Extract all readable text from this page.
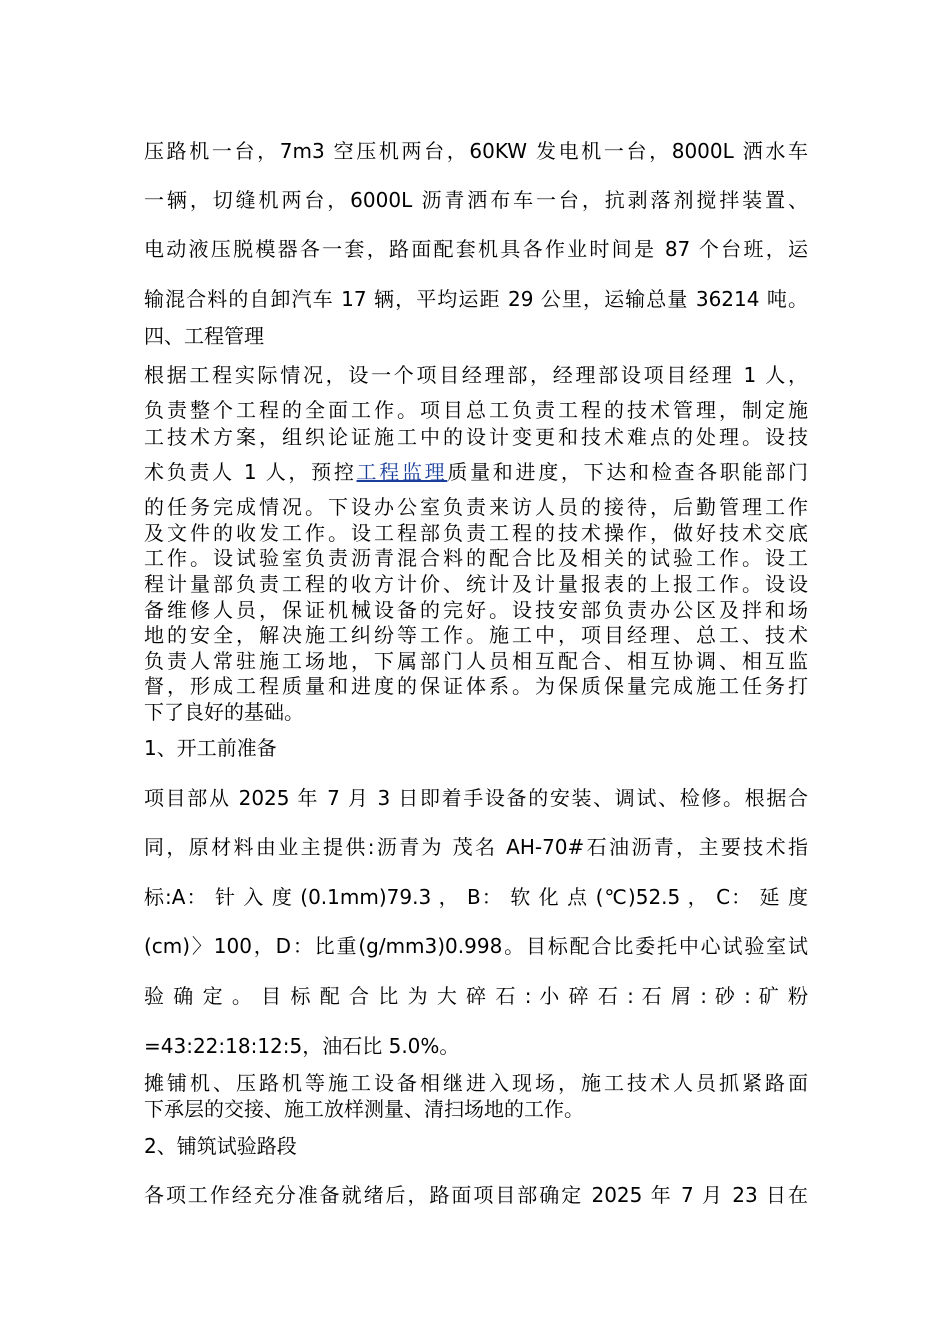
压路机一台，7m3 空压机两台，60KW 发电机一台，8000L 洒水车
一辆，切缝机两台，6000L 沥青洒布车一台，抗剥落剂搅拌装置、
电动液压脱模器各一套，路面配套机具各作业时间是 87 个台班，运
输混合料的自卸汽车 17 辆，平均运距 29 公里，运输总量 36214 吨。
四、工程管理
根据工程实际情况，设一个项目经理部，经理部设项目经理 1 人，
负责整个工程的全面工作。项目总工负责工程的技术管理，制定施
工技术方案，组织论证施工中的设计变更和技术难点的处理。设技
术负责人 1 人，预控工程监理质量和进度，下达和检查各职能部门
的任务完成情况。下设办公室负责来访人员的接待，后勤管理工作
及文件的收发工作。设工程部负责工程的技术操作，做好技术交底
工作。设试验室负责沥青混合料的配合比及相关的试验工作。设工
程计量部负责工程的收方计价、统计及计量报表的上报工作。设设
备维修人员，保证机械设备的完好。设技安部负责办公区及拌和场
地的安全，解决施工纠纷等工作。施工中，项目经理、总工、技术
负责人常驻施工场地，下属部门人员相互配合、相互协调、相互监
督，形成工程质量和进度的保证体系。为保质保量完成施工任务打
下了良好的基础。
1、开工前准备
项目部从 2025 年 7 月 3 日即着手设备的安装、调试、检修。根据合
同，原材料由业主提供:沥青为 茂名 AH-70#石油沥青，主要技术指
标:A： 针 入 度 (0.1mm)79.3 ， B： 软 化 点 (℃)52.5 ， C： 延 度
(cm)〉100，D：比重(g/mm3)0.998。目标配合比委托中心试验室试
验 确 定 。 目 标 配 合 比 为 大 碎 石 : 小 碎 石 : 石 屑 : 砂 : 矿 粉
=43:22:18:12:5，油石比 5.0%。
摊铺机、压路机等施工设备相继进入现场，施工技术人员抓紧路面
下承层的交接、施工放样测量、清扫场地的工作。
2、铺筑试验路段
各项工作经充分准备就绪后，路面项目部确定 2025 年 7 月 23 日在
